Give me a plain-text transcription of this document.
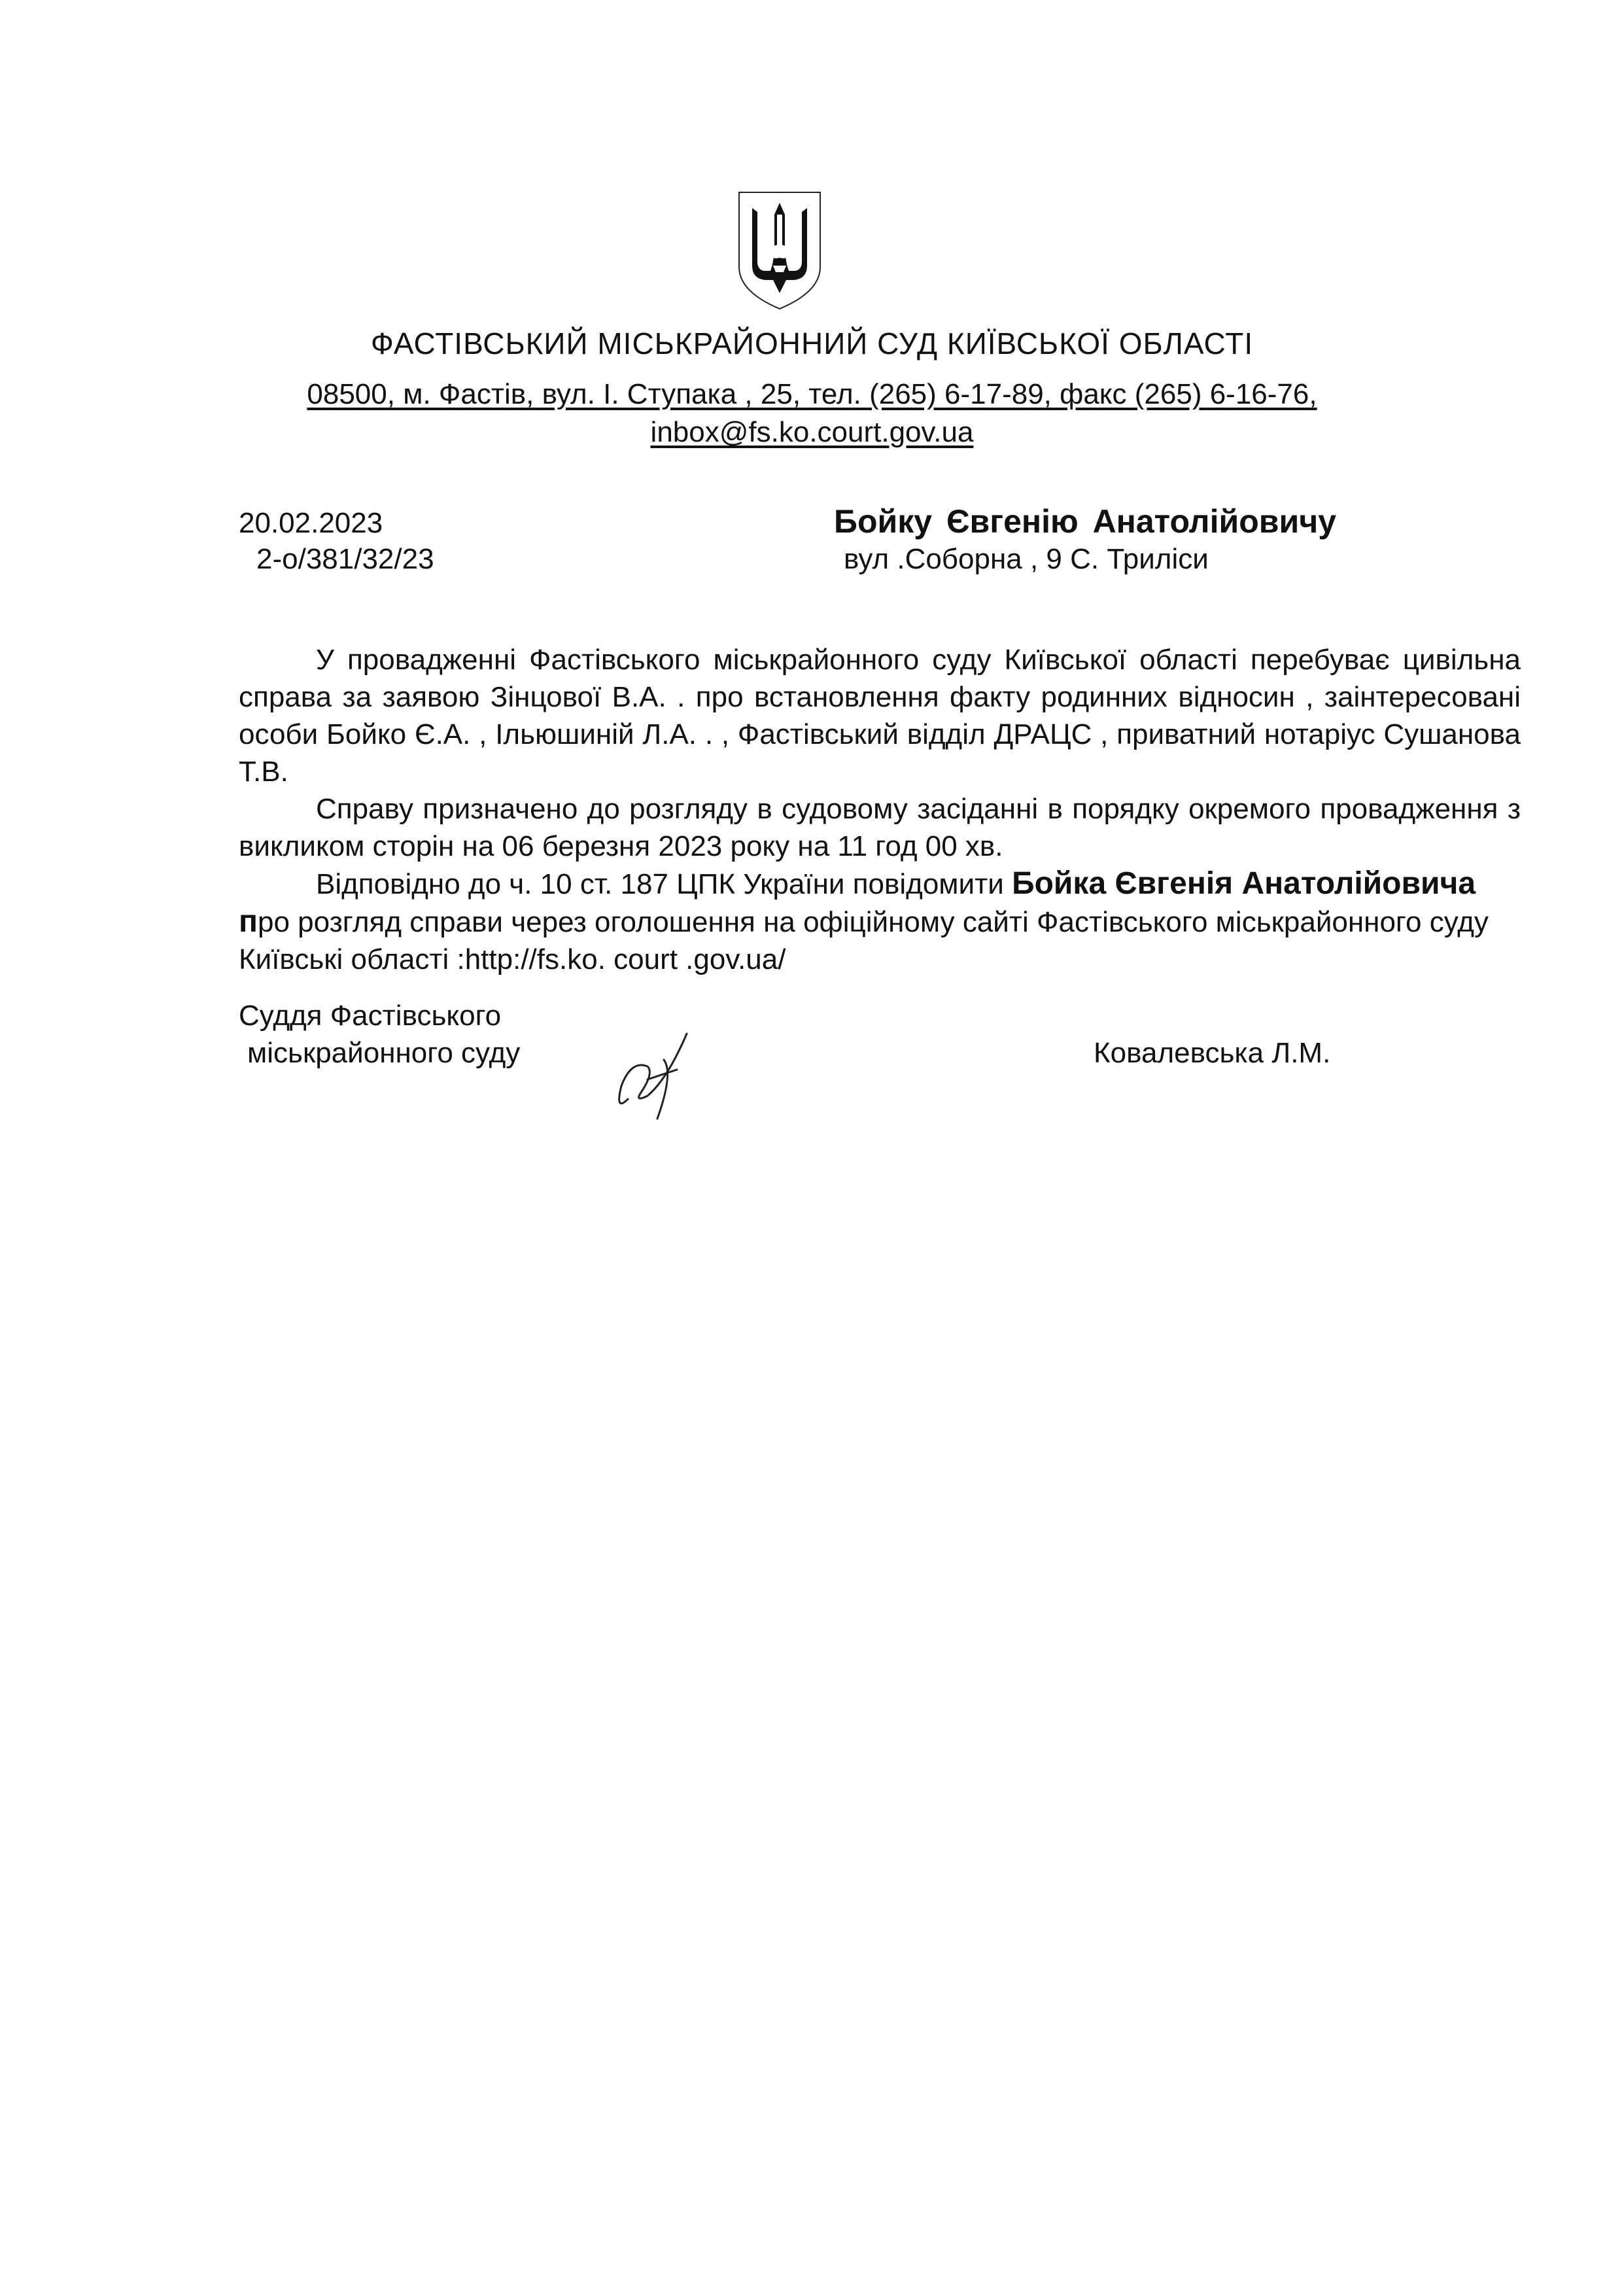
ФАСТІВСЬКИЙ МІСЬКРАЙОННИЙ СУД КИЇВСЬКОЇ ОБЛАСТІ
08500, м. Фастів, вул. І. Ступака , 25, тел. (265) 6-17-89, факс (265) 6-16-76,
inbox@fs.ko.court.gov.ua
20.02.2023
2-о/381/32/23
Бойку Євгенію Анатолійовичу
вул .Соборна , 9 С. Триліси

У провадженні Фастівського міськрайонного суду Київської області перебуває цивільна справа за заявою Зінцової В.А. . про встановлення факту родинних відносин , заінтересовані особи Бойко Є.А. , Ільюшиній Л.А. . , Фастівський відділ ДРАЦС , приватний нотаріус Сушанова Т.В.

Справу призначено до розгляду в судовому засіданні в порядку окремого провадження з викликом сторін на 06 березня 2023 року на 11 год 00 хв.

Відповідно до ч. 10 ст. 187 ЦПК України повідомити Бойка Євгенія Анатолійовича про розгляд справи через оголошення на офіційному сайті Фастівського міськрайонного суду Київські області :http://fs.ko. court .gov.ua/

Суддя Фастівського
міськрайонного суду	Ковалевська Л.М.
